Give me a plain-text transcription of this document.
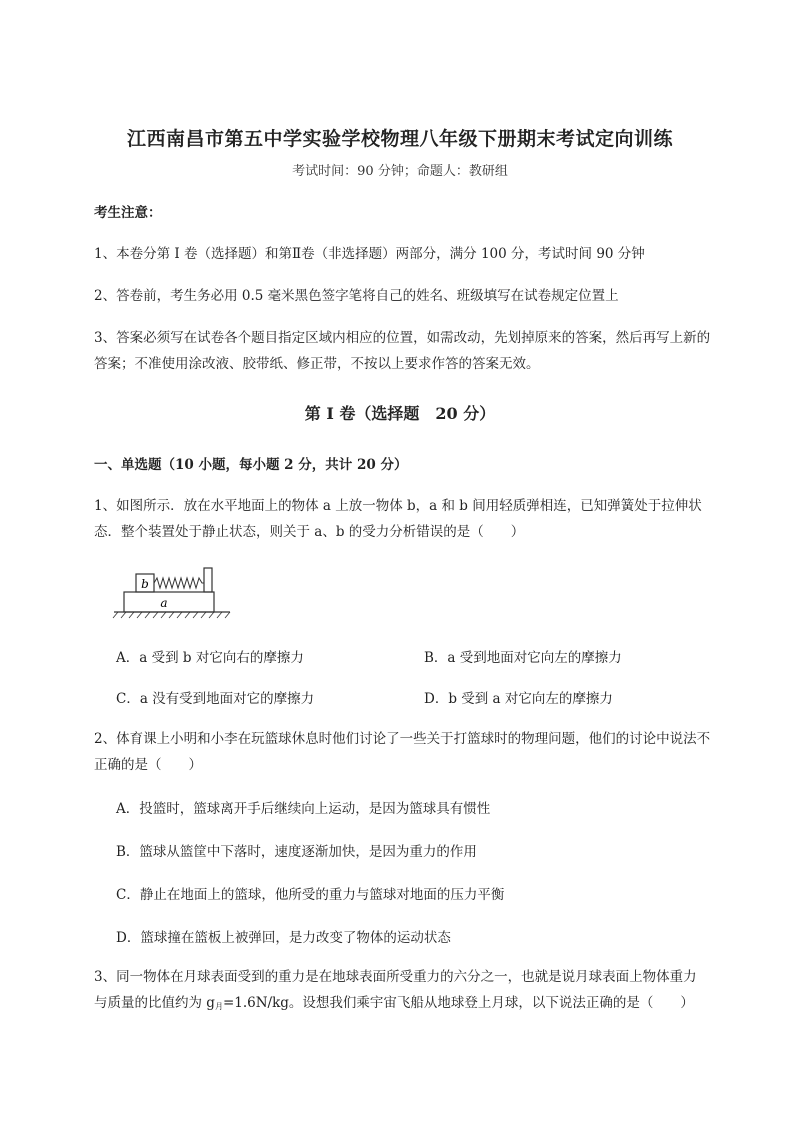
江西南昌市第五中学实验学校物理八年级下册期末考试定向训练
考试时间：90 分钟；命题人：教研组
考生注意：
1、本卷分第 I 卷（选择题）和第Ⅱ卷（非选择题）两部分，满分 100 分，考试时间 90 分钟
2、答卷前，考生务必用 0.5 毫米黑色签字笔将自己的姓名、班级填写在试卷规定位置上
3、答案必须写在试卷各个题目指定区域内相应的位置，如需改动，先划掉原来的答案，然后再写上新的答案；不准使用涂改液、胶带纸、修正带，不按以上要求作答的答案无效。
第 I 卷（选择题　20 分）
一、单选题（10 小题，每小题 2 分，共计 20 分）
1、如图所示．放在水平地面上的物体 a 上放一物体 b，a 和 b 间用轻质弹相连，已知弹簧处于拉伸状态．整个装置处于静止状态，则关于 a、b 的受力分析错误的是（　　）
b
a
A．a 受到 b 对它向右的摩擦力	B．a 受到地面对它向左的摩擦力
C．a 没有受到地面对它的摩擦力	D．b 受到 a 对它向左的摩擦力
2、体育课上小明和小李在玩篮球休息时他们讨论了一些关于打篮球时的物理问题，他们的讨论中说法不正确的是（　　）
A．投篮时，篮球离开手后继续向上运动，是因为篮球具有惯性
B．篮球从篮筐中下落时，速度逐渐加快，是因为重力的作用
C．静止在地面上的篮球，他所受的重力与篮球对地面的压力平衡
D．篮球撞在篮板上被弹回，是力改变了物体的运动状态
3、同一物体在月球表面受到的重力是在地球表面所受重力的六分之一，也就是说月球表面上物体重力
与质量的比值约为 $g_月=1.6N/kg$。设想我们乘宇宙飞船从地球登上月球，以下说法正确的是（　　）
